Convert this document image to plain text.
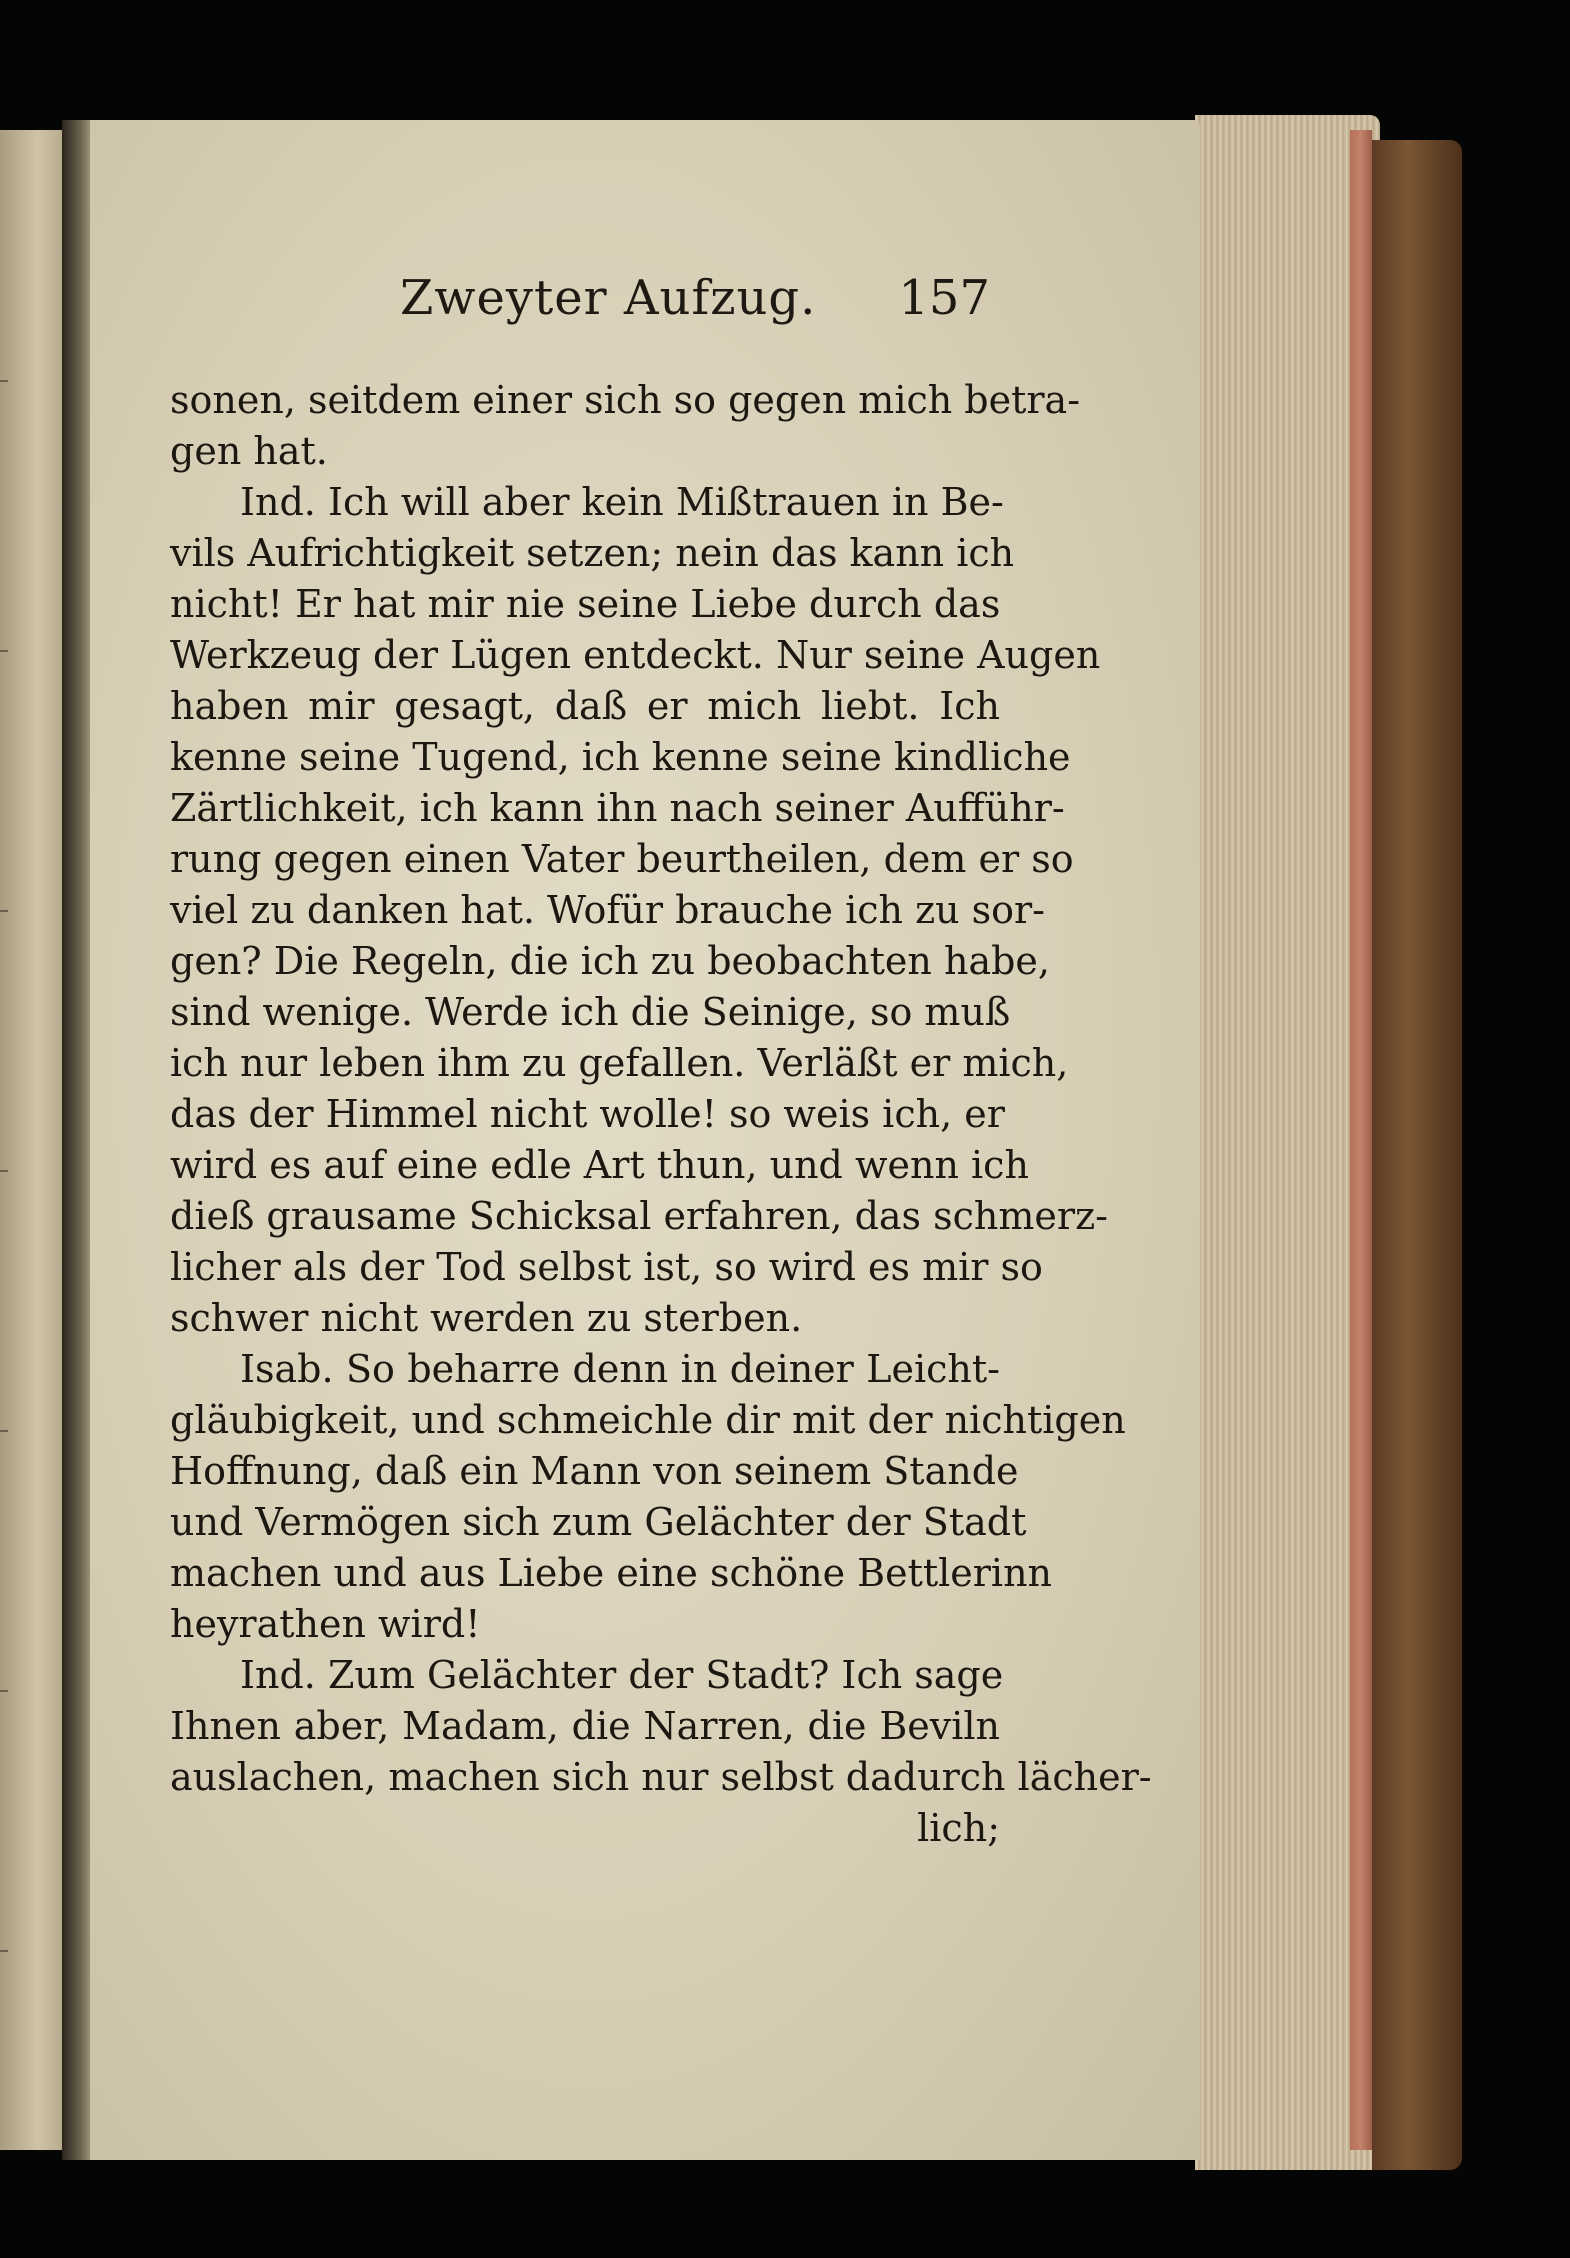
Zweyter Aufzug. 157
sonen, seitdem einer sich so gegen mich betra-
gen hat.
Ind. Ich will aber kein Mißtrauen in Be-
vils Aufrichtigkeit setzen; nein das kann ich
nicht! Er hat mir nie seine Liebe durch das
Werkzeug der Lügen entdeckt. Nur seine Augen
haben mir gesagt, daß er mich liebt. Ich
kenne seine Tugend, ich kenne seine kindliche
Zärtlichkeit, ich kann ihn nach seiner Aufführ-
rung gegen einen Vater beurtheilen, dem er so
viel zu danken hat. Wofür brauche ich zu sor-
gen? Die Regeln, die ich zu beobachten habe,
sind wenige. Werde ich die Seinige, so muß
ich nur leben ihm zu gefallen. Verläßt er mich,
das der Himmel nicht wolle! so weis ich, er
wird es auf eine edle Art thun, und wenn ich
dieß grausame Schicksal erfahren, das schmerz-
licher als der Tod selbst ist, so wird es mir so
schwer nicht werden zu sterben.
Isab. So beharre denn in deiner Leicht-
gläubigkeit, und schmeichle dir mit der nichtigen
Hoffnung, daß ein Mann von seinem Stande
und Vermögen sich zum Gelächter der Stadt
machen und aus Liebe eine schöne Bettlerinn
heyrathen wird!
Ind. Zum Gelächter der Stadt? Ich sage
Ihnen aber, Madam, die Narren, die Beviln
auslachen, machen sich nur selbst dadurch lächer-
lich;
